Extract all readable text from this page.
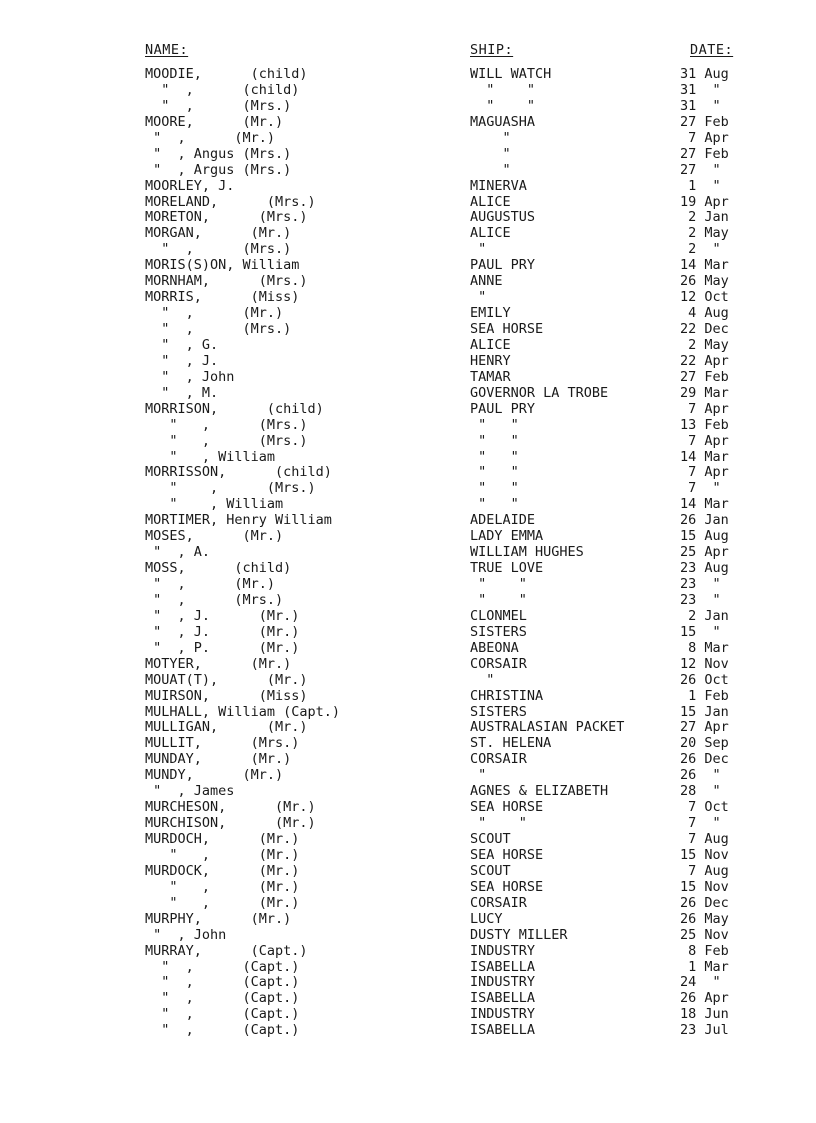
NAME:	SHIP:	DATE:
MOODIE,      (child)	WILL WATCH	31 Aug
"  ,      (child)	"    "	31  "
"  ,      (Mrs.)	"    "	31  "
MOORE,      (Mr.)	MAGUASHA	27 Feb
"  ,      (Mr.)	"	7 Apr
"  , Angus (Mrs.)	"	27 Feb
"  , Argus (Mrs.)	"	27  "
MOORLEY, J.	MINERVA	1  "
MORELAND,      (Mrs.)	ALICE	19 Apr
MORETON,      (Mrs.)	AUGUSTUS	2 Jan
MORGAN,      (Mr.)	ALICE	2 May
"  ,      (Mrs.)	"	2  "
MORIS(S)ON, William	PAUL PRY	14 Mar
MORNHAM,      (Mrs.)	ANNE	26 May
MORRIS,      (Miss)	"	12 Oct
"  ,      (Mr.)	EMILY	4 Aug
"  ,      (Mrs.)	SEA HORSE	22 Dec
"  , G.	ALICE	2 May
"  , J.	HENRY	22 Apr
"  , John	TAMAR	27 Feb
"  , M.	GOVERNOR LA TROBE	29 Mar
MORRISON,      (child)	PAUL PRY	7 Apr
"   ,      (Mrs.)	"   "	13 Feb
"   ,      (Mrs.)	"   "	7 Apr
"   , William	"   "	14 Mar
MORRISSON,      (child)	"   "	7 Apr
"    ,      (Mrs.)	"   "	7  "
"    , William	"   "	14 Mar
MORTIMER, Henry William	ADELAIDE	26 Jan
MOSES,      (Mr.)	LADY EMMA	15 Aug
"  , A.	WILLIAM HUGHES	25 Apr
MOSS,      (child)	TRUE LOVE	23 Aug
"  ,      (Mr.)	"    "	23  "
"  ,      (Mrs.)	"    "	23  "
"  , J.      (Mr.)	CLONMEL	2 Jan
"  , J.      (Mr.)	SISTERS	15  "
"  , P.      (Mr.)	ABEONA	8 Mar
MOTYER,      (Mr.)	CORSAIR	12 Nov
MOUAT(T),      (Mr.)	"	26 Oct
MUIRSON,      (Miss)	CHRISTINA	1 Feb
MULHALL, William (Capt.)	SISTERS	15 Jan
MULLIGAN,      (Mr.)	AUSTRALASIAN PACKET	27 Apr
MULLIT,      (Mrs.)	ST. HELENA	20 Sep
MUNDAY,      (Mr.)	CORSAIR	26 Dec
MUNDY,      (Mr.)	"	26  "
"  , James	AGNES & ELIZABETH	28  "
MURCHESON,      (Mr.)	SEA HORSE	7 Oct
MURCHISON,      (Mr.)	"    "	7  "
MURDOCH,      (Mr.)	SCOUT	7 Aug
"   ,      (Mr.)	SEA HORSE	15 Nov
MURDOCK,      (Mr.)	SCOUT	7 Aug
"   ,      (Mr.)	SEA HORSE	15 Nov
"   ,      (Mr.)	CORSAIR	26 Dec
MURPHY,      (Mr.)	LUCY	26 May
"  , John	DUSTY MILLER	25 Nov
MURRAY,      (Capt.)	INDUSTRY	8 Feb
"  ,      (Capt.)	ISABELLA	1 Mar
"  ,      (Capt.)	INDUSTRY	24  "
"  ,      (Capt.)	ISABELLA	26 Apr
"  ,      (Capt.)	INDUSTRY	18 Jun
"  ,      (Capt.)	ISABELLA	23 Jul
